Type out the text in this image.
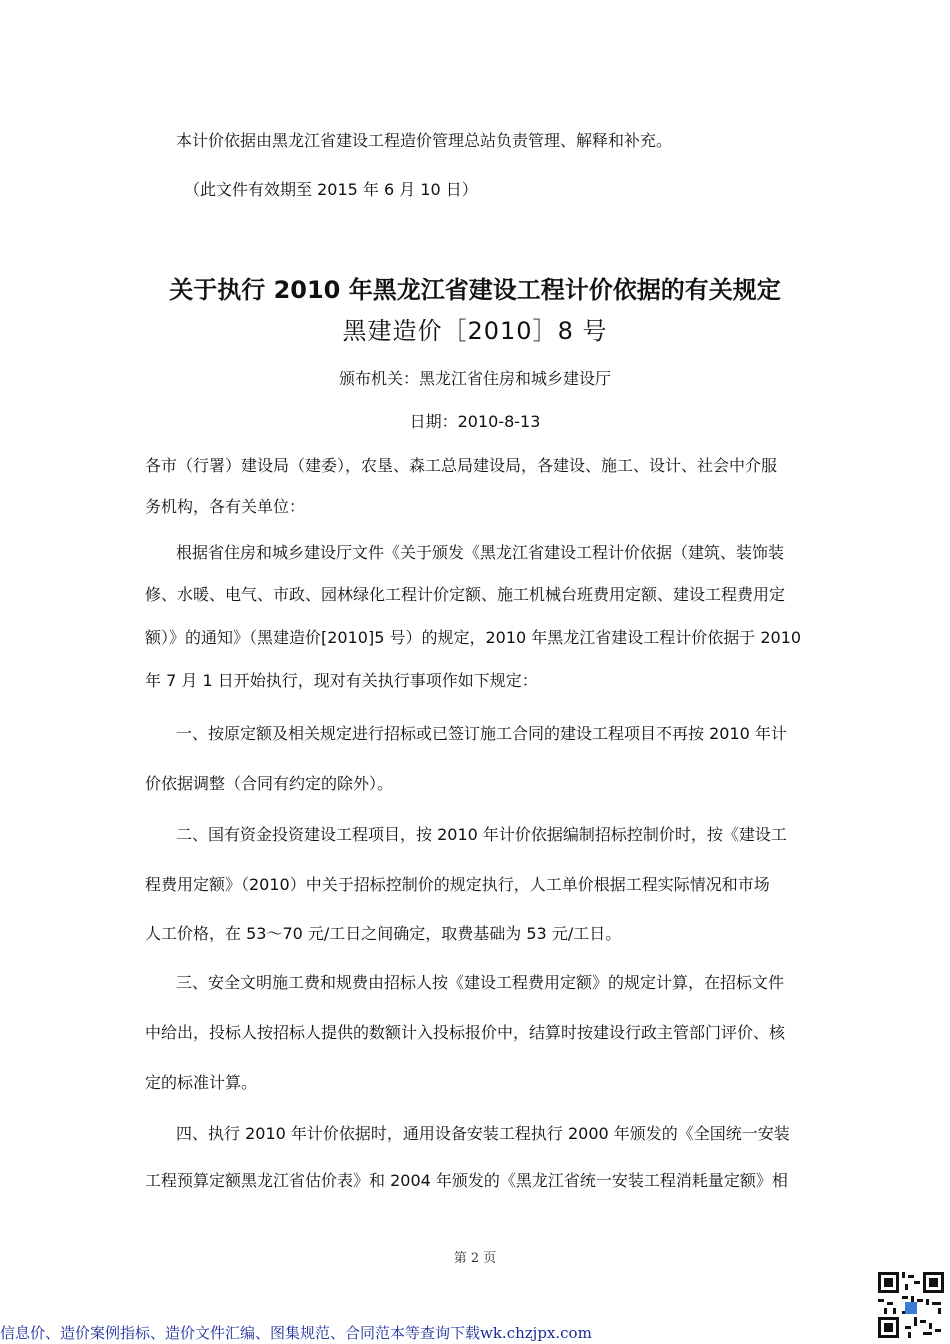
本计价依据由黑龙江省建设工程造价管理总站负责管理、解释和补充。
（此文件有效期至 2015 年 6 月 10 日）
关于执行 2010 年黑龙江省建设工程计价依据的有关规定
黑建造价［2010］8 号
颁布机关：黑龙江省住房和城乡建设厅
日期：2010-8-13
各市（行署）建设局（建委），农垦、森工总局建设局，各建设、施工、设计、社会中介服
务机构，各有关单位：
根据省住房和城乡建设厅文件《关于颁发《黑龙江省建设工程计价依据（建筑、装饰装
修、水暖、电气、市政、园林绿化工程计价定额、施工机械台班费用定额、建设工程费用定
额）》的通知》（黑建造价[2010]5 号）的规定，2010 年黑龙江省建设工程计价依据于 2010
年 7 月 1 日开始执行，现对有关执行事项作如下规定：
一、按原定额及相关规定进行招标或已签订施工合同的建设工程项目不再按 2010 年计
价依据调整（合同有约定的除外）。
二、国有资金投资建设工程项目，按 2010 年计价依据编制招标控制价时，按《建设工
程费用定额》（2010）中关于招标控制价的规定执行，人工单价根据工程实际情况和市场
人工价格，在 53～70 元/工日之间确定，取费基础为 53 元/工日。
三、安全文明施工费和规费由招标人按《建设工程费用定额》的规定计算，在招标文件
中给出，投标人按招标人提供的数额计入投标报价中，结算时按建设行政主管部门评价、核
定的标准计算。
四、执行 2010 年计价依据时，通用设备安装工程执行 2000 年颁发的《全国统一安装
工程预算定额黑龙江省估价表》和 2004 年颁发的《黑龙江省统一安装工程消耗量定额》相
第 2 页
信息价、造价案例指标、造价文件汇编、图集规范、合同范本等查询下载wk.chzjpx.com
